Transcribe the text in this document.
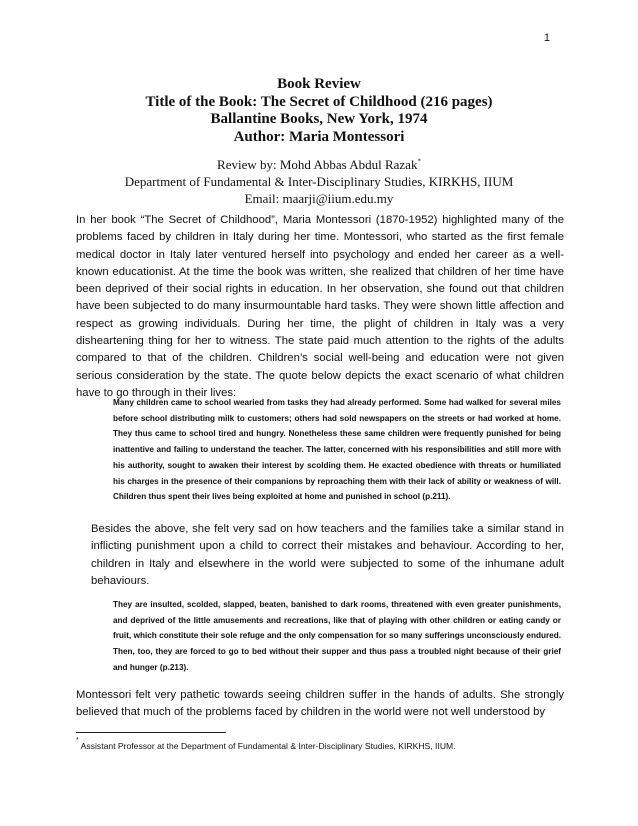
1
Book Review
Title of the Book: The Secret of Childhood (216 pages)
Ballantine Books, New York, 1974
Author: Maria Montessori
Review by: Mohd Abbas Abdul Razak*
Department of Fundamental & Inter-Disciplinary Studies, KIRKHS, IIUM
Email: maarji@iium.edu.my

In her book “The Secret of Childhood”, Maria Montessori (1870-1952) highlighted many of the problems faced by children in Italy during her time. Montessori, who started as the first female medical doctor in Italy later ventured herself into psychology and ended her career as a well-known educationist. At the time the book was written, she realized that children of her time have been deprived of their social rights in education. In her observation, she found out that children have been subjected to do many insurmountable hard tasks. They were shown little affection and respect as growing individuals. During her time, the plight of children in Italy was a very disheartening thing for her to witness. The state paid much attention to the rights of the adults compared to that of the children. Children’s social well-being and education were not given serious consideration by the state. The quote below depicts the exact scenario of what children have to go through in their lives:

Many children came to school wearied from tasks they had already performed. Some had walked for several miles before school distributing milk to customers; others had sold newspapers on the streets or had worked at home. They thus came to school tired and hungry. Nonetheless these same children were frequently punished for being inattentive and failing to understand the teacher. The latter, concerned with his responsibilities and still more with his authority, sought to awaken their interest by scolding them. He exacted obedience with threats or humiliated his charges in the presence of their companions by reproaching them with their lack of ability or weakness of will. Children thus spent their lives being exploited at home and punished in school (p.211).

Besides the above, she felt very sad on how teachers and the families take a similar stand in inflicting punishment upon a child to correct their mistakes and behaviour. According to her, children in Italy and elsewhere in the world were subjected to some of the inhumane adult behaviours.

They are insulted, scolded, slapped, beaten, banished to dark rooms, threatened with even greater punishments, and deprived of the little amusements and recreations, like that of playing with other children or eating candy or fruit, which constitute their sole refuge and the only compensation for so many sufferings unconsciously endured. Then, too, they are forced to go to bed without their supper and thus pass a troubled night because of their grief and hunger (p.213).

Montessori felt very pathetic towards seeing children suffer in the hands of adults. She strongly believed that much of the problems faced by children in the world were not well understood by

* Assistant Professor at the Department of Fundamental & Inter-Disciplinary Studies, KIRKHS, IIUM.
